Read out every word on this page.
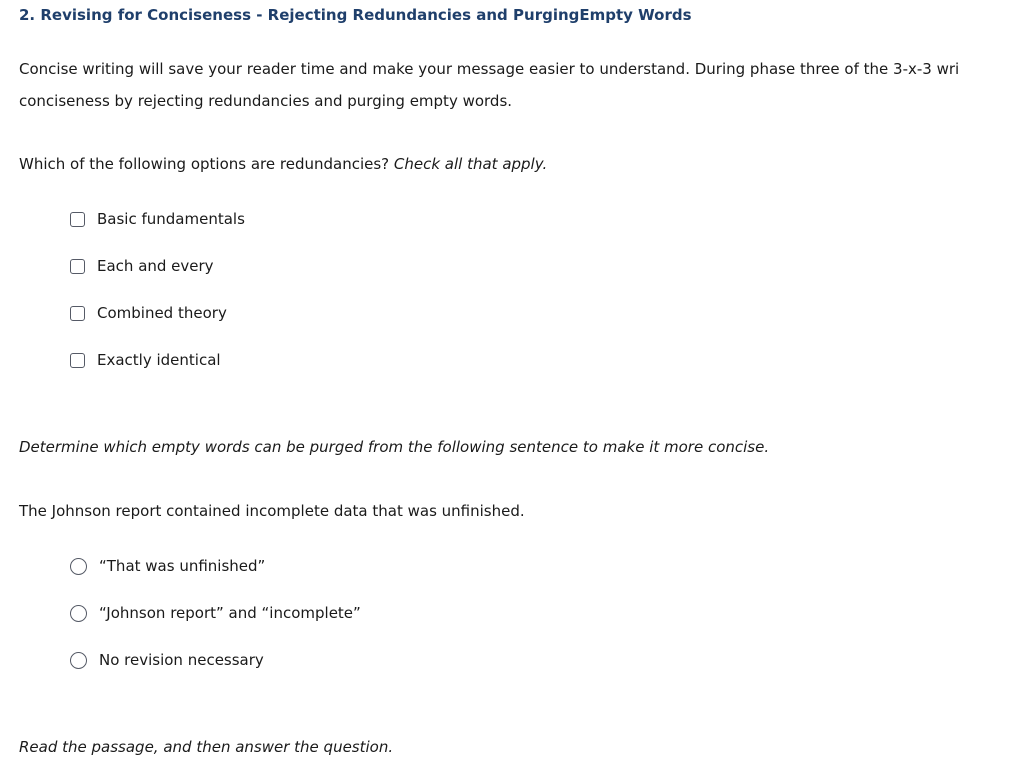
2. Revising for Conciseness - Rejecting Redundancies and PurgingEmpty Words
Concise writing will save your reader time and make your message easier to understand. During phase three of the 3-x-3 wri
conciseness by rejecting redundancies and purging empty words.
Which of the following options are redundancies? Check all that apply.
Basic fundamentals
Each and every
Combined theory
Exactly identical
Determine which empty words can be purged from the following sentence to make it more concise.
The Johnson report contained incomplete data that was unfinished.
“That was unfinished”
“Johnson report” and “incomplete”
No revision necessary
Read the passage, and then answer the question.
